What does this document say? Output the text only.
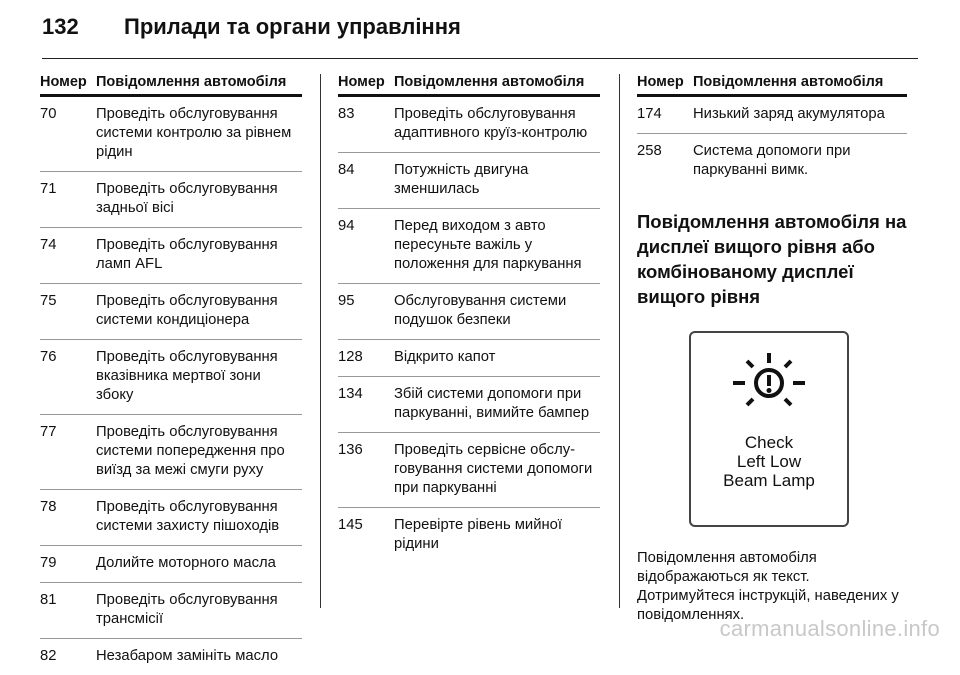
132	Прилади та органи управління
Номер Повідомлення автомобіля
70	Проведіть обслуговування системи контролю за рівнем рідин
71	Проведіть обслуговування задньої вісі
74	Проведіть обслуговування ламп AFL
75	Проведіть обслуговування системи кондиціонера
76	Проведіть обслуговування вказівника мертвої зони збоку
77	Проведіть обслуговування системи попередження про виїзд за межі смуги руху
78	Проведіть обслуговування системи захисту пішоходів
79	Долийте моторного масла
81	Проведіть обслуговування трансмісії
82	Незабаром замініть масло
Номер Повідомлення автомобіля
83	Проведіть обслуговування адаптивного круїз-контролю
84	Потужність двигуна зменшилась
94	Перед виходом з авто пересуньте важіль у положення для паркування
95	Обслуговування системи подушок безпеки
128	Відкрито капот
134	Збій системи допомоги при паркуванні, вимийте бампер
136	Проведіть сервісне обслу-говування системи допомоги при паркуванні
145	Перевірте рівень мийної рідини
Номер Повідомлення автомобіля
174	Низький заряд акумулятора
258	Система допомоги при паркуванні вимк.
Повідомлення автомобіля на дисплеї вищого рівня або комбінованому дисплеї вищого рівня
Check
Left Low
Beam Lamp
Повідомлення автомобіля відображаються як текст. Дотримуйтеся інструкцій, наведених у повідомленнях.
carmanualsonline.info
